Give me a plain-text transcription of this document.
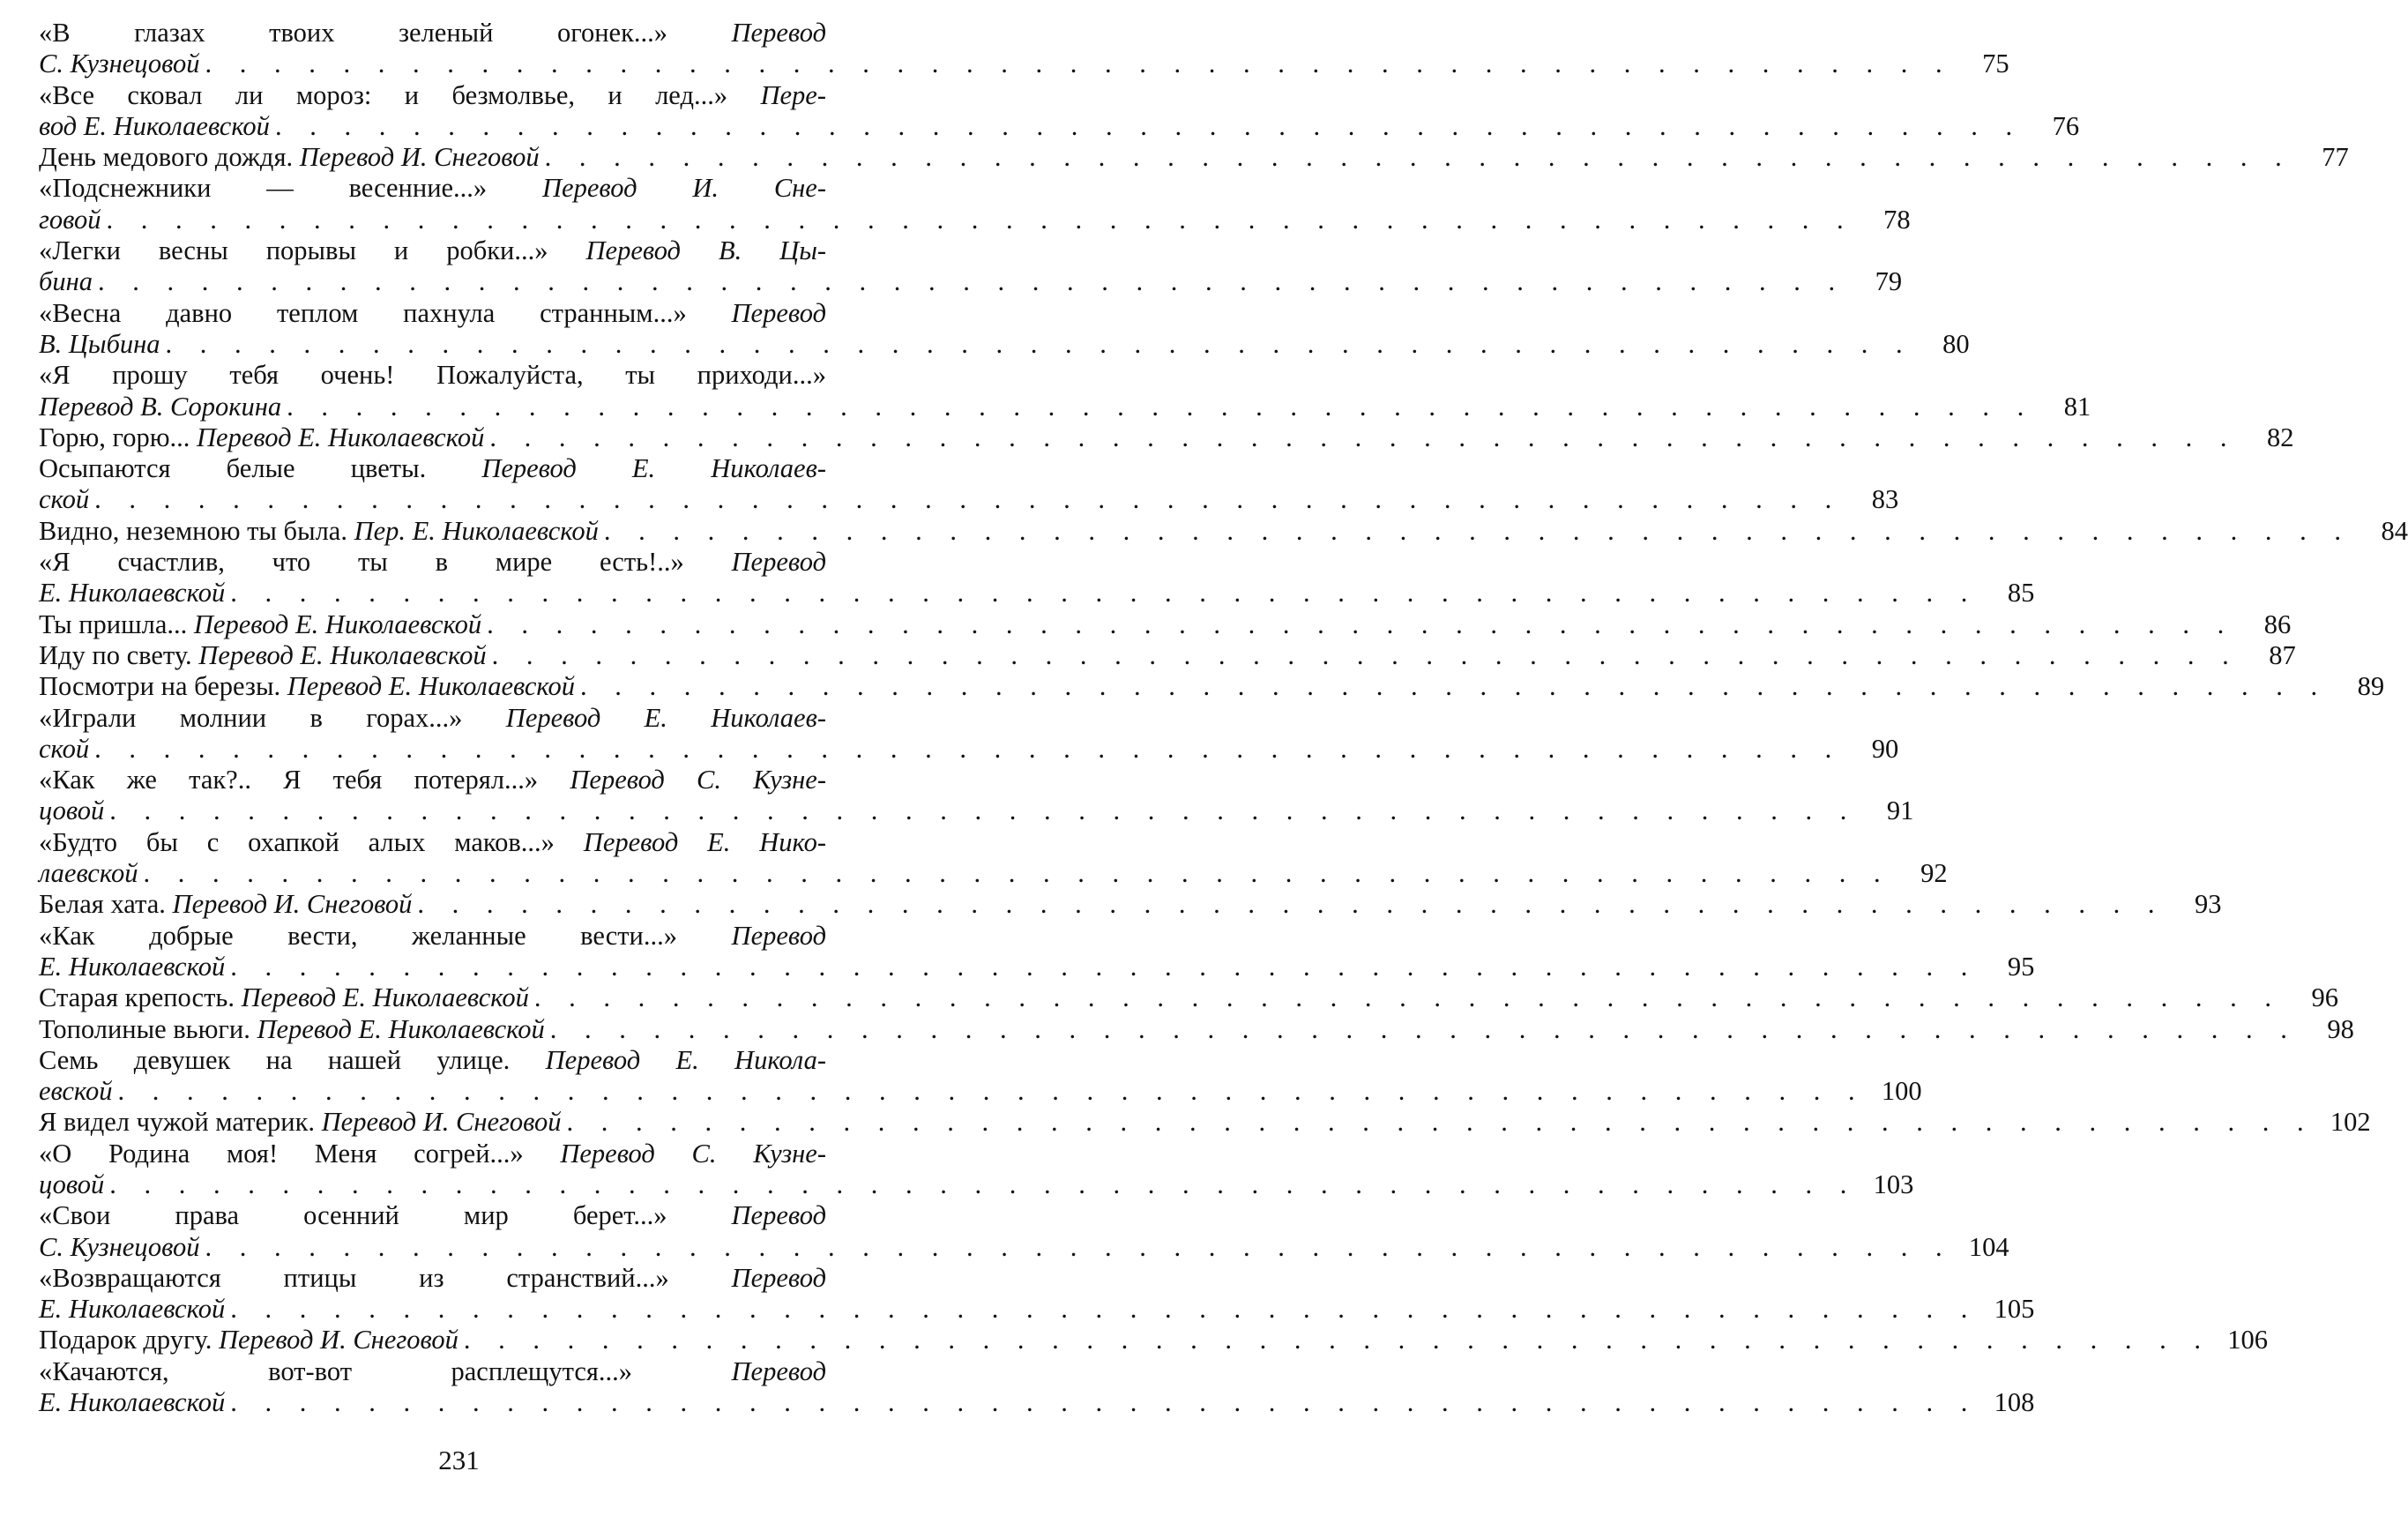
«В глазах твоих зеленый огонек...» Перевод
С. Кузнецовой . . .	75
«Все сковал ли мороз: и безмолвье, и лед...» Пере-
вод Е. Николаевской . . .	76
День медового дождя. Перевод И. Снеговой . . .	77
«Подснежники — весенние...» Перевод И. Сне-
говой . . .	78
«Легки весны порывы и робки...» Перевод В. Цы-
бина . . .	79
«Весна давно теплом пахнула странным...» Перевод
В. Цыбина . . .	80
«Я прошу тебя очень! Пожалуйста, ты приходи...»
Перевод В. Сорокина . . .	81
Горю, горю... Перевод Е. Николаевской . . .	82
Осыпаются белые цветы. Перевод Е. Николаев-
ской . . .	83
Видно, неземною ты была. Пер. Е. Николаевской . . .	84
«Я счастлив, что ты в мире есть!..» Перевод
Е. Николаевской . . .	85
Ты пришла... Перевод Е. Николаевской . . .	86
Иду по свету. Перевод Е. Николаевской . . .	87
Посмотри на березы. Перевод Е. Николаевской . . .	89
«Играли молнии в горах...» Перевод Е. Николаев-
ской . . .	90
«Как же так?.. Я тебя потерял...» Перевод С. Кузне-
цовой . . .	91
«Будто бы с охапкой алых маков...» Перевод Е. Нико-
лаевской . . .	92
Белая хата. Перевод И. Снеговой . . .	93
«Как добрые вести, желанные вести...» Перевод
Е. Николаевской . . .	95
Старая крепость. Перевод Е. Николаевской . . .	96
Тополиные вьюги. Перевод Е. Николаевской . . .	98
Семь девушек на нашей улице. Перевод Е. Никола-
евской . . .	100
Я видел чужой материк. Перевод И. Снеговой . . .	102
«О Родина моя! Меня согрей...» Перевод С. Кузне-
цовой . . .	103
«Свои права осенний мир берет...» Перевод
С. Кузнецовой . . .	104
«Возвращаются птицы из странствий...» Перевод
Е. Николаевской . . .	105
Подарок другу. Перевод И. Снеговой . . .	106
«Качаются, вот-вот расплещутся...»	Перевод
Е. Николаевской . . .	108
231
